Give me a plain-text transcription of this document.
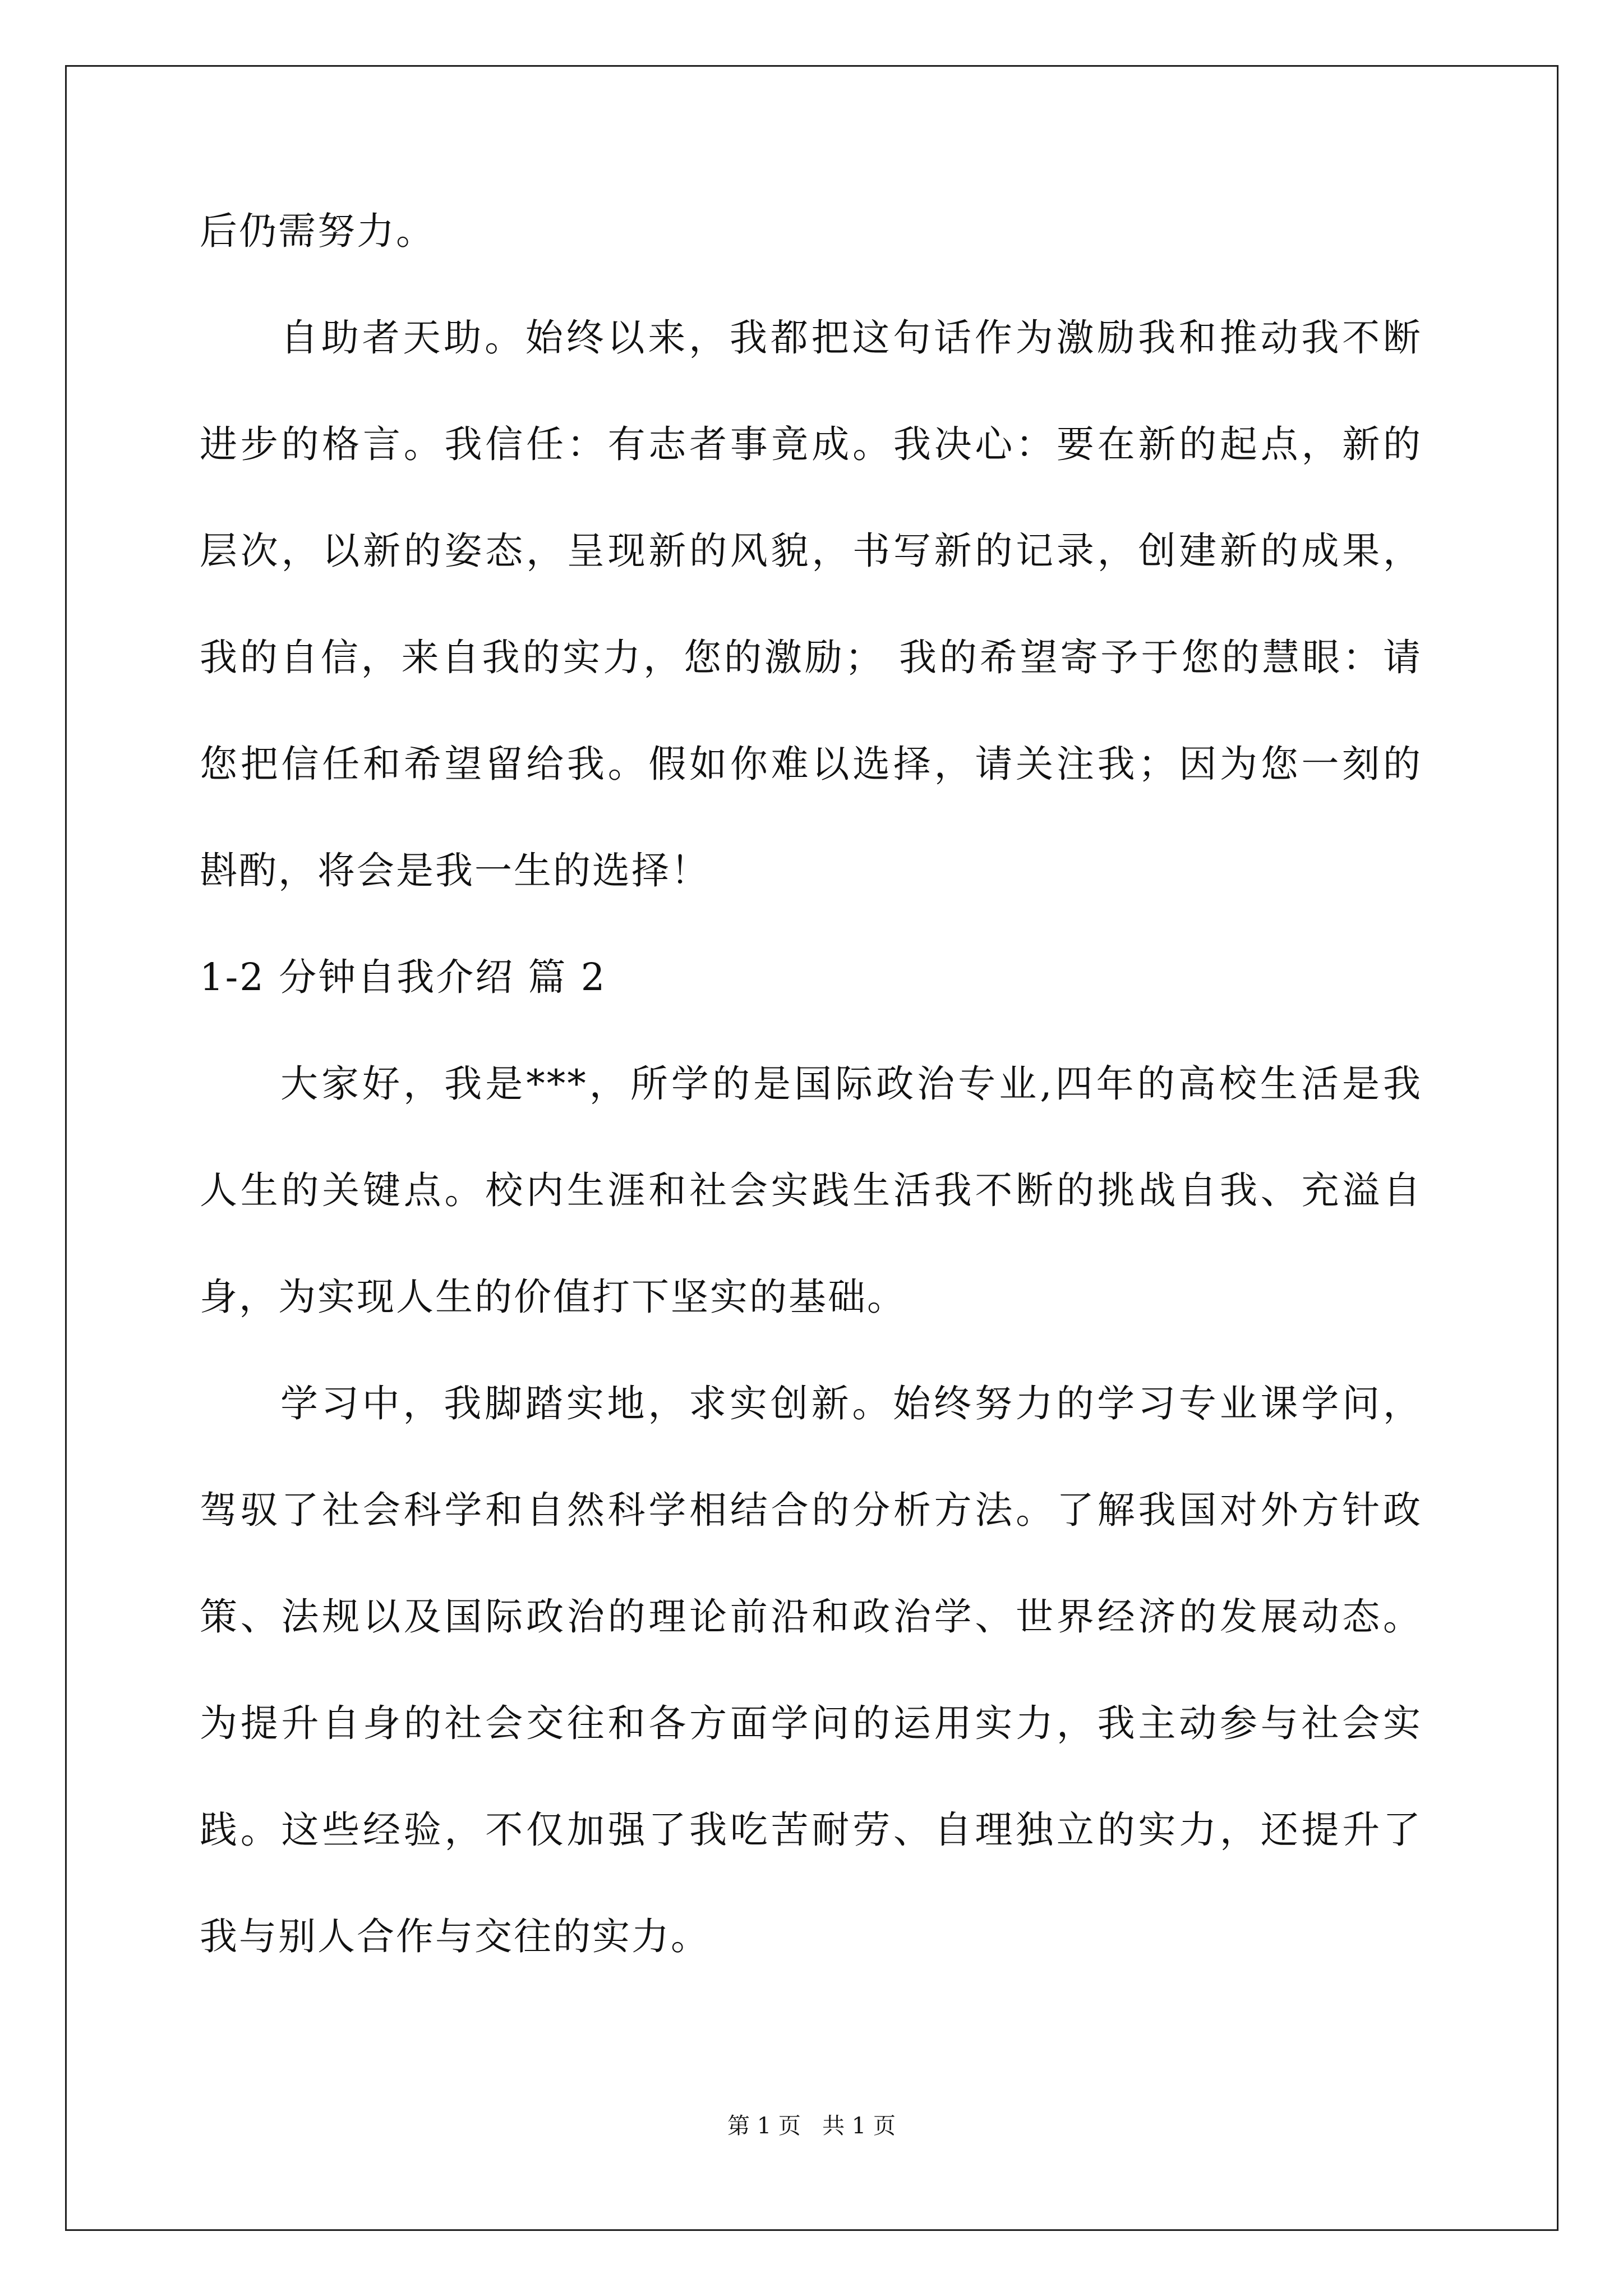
后仍需努力。
自助者天助。始终以来，我都把这句话作为激励我和推动我不断
进步的格言。我信任：有志者事竟成。我决心：要在新的起点，新的
层次，以新的姿态，呈现新的风貌，书写新的记录，创建新的成果，
我的自信，来自我的实力，您的激励； 我的希望寄予于您的慧眼：请
您把信任和希望留给我。假如你难以选择，请关注我；因为您一刻的
斟酌，将会是我一生的选择！
1-2 分钟自我介绍 篇 2
大家好，我是***，所学的是国际政治专业,四年的高校生活是我
人生的关键点。校内生涯和社会实践生活我不断的挑战自我、充溢自
身，为实现人生的价值打下坚实的基础。
学习中，我脚踏实地，求实创新。始终努力的学习专业课学问，
驾驭了社会科学和自然科学相结合的分析方法。了解我国对外方针政
策、法规以及国际政治的理论前沿和政治学、世界经济的发展动态。
为提升自身的社会交往和各方面学问的运用实力，我主动参与社会实
践。这些经验，不仅加强了我吃苦耐劳、自理独立的实力，还提升了
我与别人合作与交往的实力。
第 1 页   共 1 页
